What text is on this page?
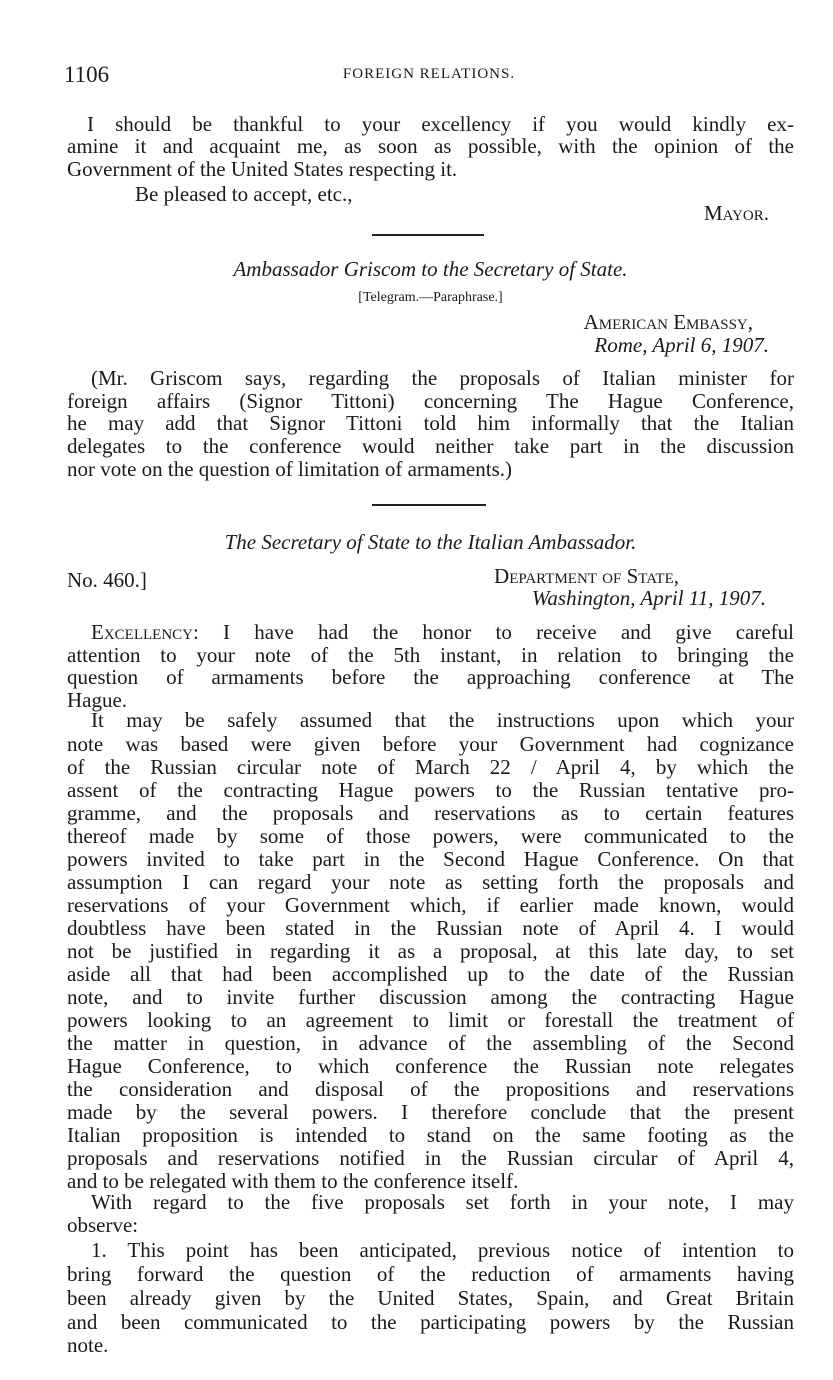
1106	FOREIGN RELATIONS.
I should be thankful to your excellency if you would kindly ex-
amine it and acquaint me, as soon as possible, with the opinion of the
Government of the United States respecting it.
Be pleased to accept, etc.,
Mayor.
Ambassador Griscom to the Secretary of State.
[Telegram.—Paraphrase.]
American Embassy,
Rome, April 6, 1907.
(Mr. Griscom says, regarding the proposals of Italian minister for
foreign affairs (Signor Tittoni) concerning The Hague Conference,
he may add that Signor Tittoni told him informally that the Italian
delegates to the conference would neither take part in the discussion
nor vote on the question of limitation of armaments.)
The Secretary of State to the Italian Ambassador.
No. 460.]	Department of State,
Washington, April 11, 1907.
Excellency: I have had the honor to receive and give careful
attention to your note of the 5th instant, in relation to bringing the
question of armaments before the approaching conference at The
Hague.
It may be safely assumed that the instructions upon which your
note was based were given before your Government had cognizance
of the Russian circular note of March 22 / April 4, by which the
assent of the contracting Hague powers to the Russian tentative pro-
gramme, and the proposals and reservations as to certain features
thereof made by some of those powers, were communicated to the
powers invited to take part in the Second Hague Conference. On that
assumption I can regard your note as setting forth the proposals and
reservations of your Government which, if earlier made known, would
doubtless have been stated in the Russian note of April 4. I would
not be justified in regarding it as a proposal, at this late day, to set
aside all that had been accomplished up to the date of the Russian
note, and to invite further discussion among the contracting Hague
powers looking to an agreement to limit or forestall the treatment of
the matter in question, in advance of the assembling of the Second
Hague Conference, to which conference the Russian note relegates
the consideration and disposal of the propositions and reservations
made by the several powers. I therefore conclude that the present
Italian proposition is intended to stand on the same footing as the
proposals and reservations notified in the Russian circular of April 4,
and to be relegated with them to the conference itself.
With regard to the five proposals set forth in your note, I may
observe:
1. This point has been anticipated, previous notice of intention to
bring forward the question of the reduction of armaments having
been already given by the United States, Spain, and Great Britain
and been communicated to the participating powers by the Russian
note.
